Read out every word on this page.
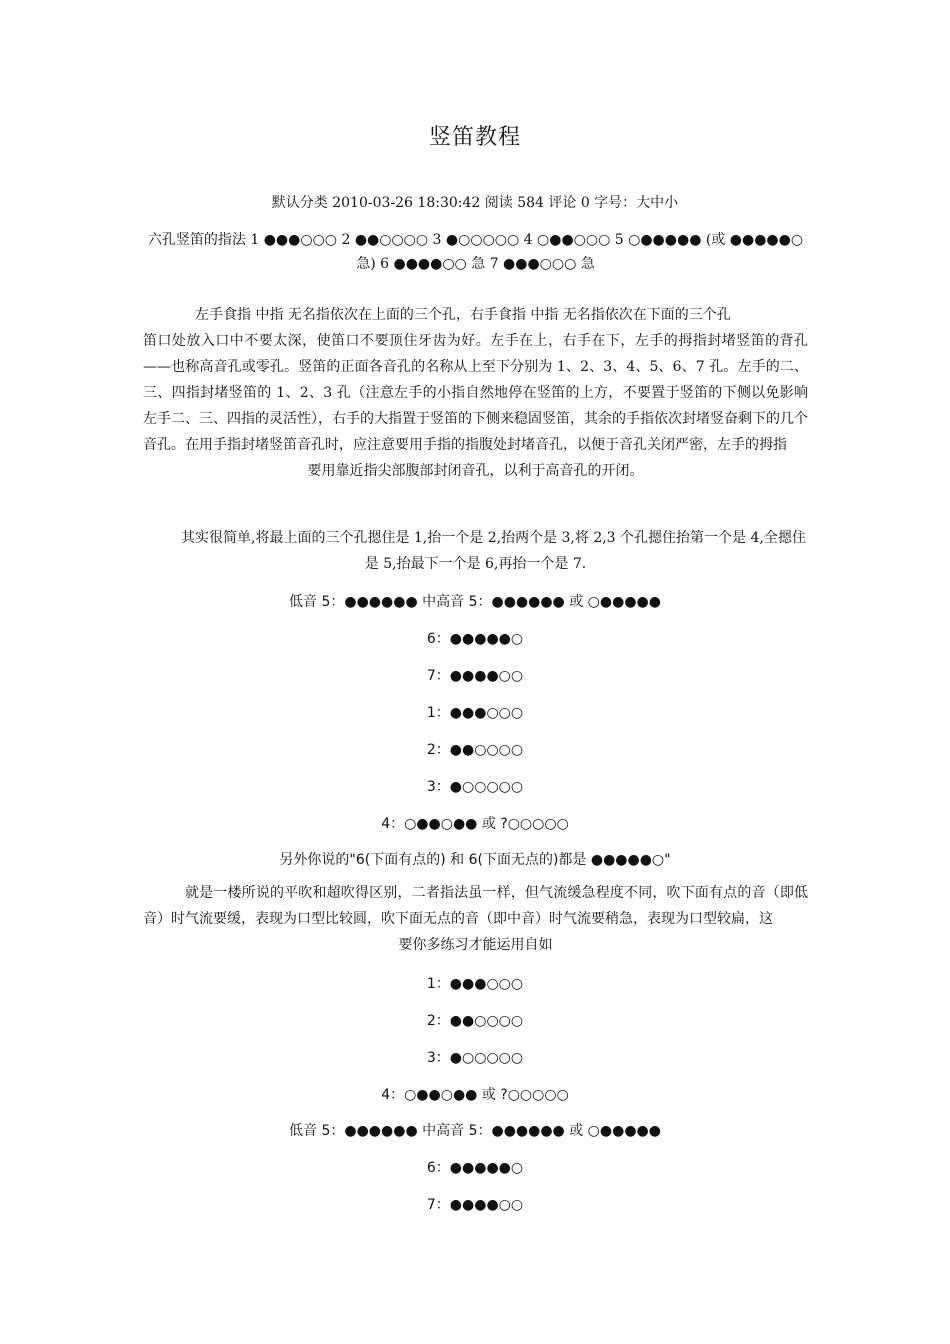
竖笛教程
默认分类 2010-03-26 18:30:42 阅读 584 评论 0 字号：大中小
六孔竖笛的指法 1 ●●●○○○ 2 ●●○○○○ 3 ●○○○○○ 4 ○●●○○○ 5 ○●●●●● (或 ●●●●●○ 急) 6 ●●●●○○ 急 7 ●●●○○○ 急
左手食指 中指 无名指依次在上面的三个孔，右手食指 中指 无名指依次在下面的三个孔
笛口处放入口中不要太深，使笛口不要顶住牙齿为好。左手在上，右手在下，左手的拇指封堵竖笛的背孔——也称高音孔或零孔。竖笛的正面各音孔的名称从上至下分别为 1、2、3、4、5、6、7 孔。左手的二、三、四指封堵竖笛的 1、2、3 孔（注意左手的小指自然地停在竖笛的上方，不要置于竖笛的下侧以免影响左手二、三、四指的灵活性），右手的大指置于竖笛的下侧来稳固竖笛，其余的手指依次封堵竖奋剩下的几个音孔。在用手指封堵竖笛音孔时，应注意要用手指的指腹处封堵音孔，以便于音孔关闭严密，左手的拇指
要用靠近指尖部腹部封闭音孔，以利于高音孔的开闭。
其实很简单,将最上面的三个孔摁住是 1,抬一个是 2,抬两个是 3,将 2,3 个孔摁住抬第一个是 4,全摁住
是 5,抬最下一个是 6,再抬一个是 7.
低音 5：●●●●●● 中高音 5：●●●●●● 或 ○●●●●●
6：●●●●●○
7：●●●●○○
1：●●●○○○
2：●●○○○○
3：●○○○○○
4：○●●○●● 或 ?○○○○○
另外你说的"6(下面有点的) 和 6(下面无点的)都是 ●●●●●○"
就是一楼所说的平吹和超吹得区别，二者指法虽一样，但气流缓急程度不同，吹下面有点的音（即低音）时气流要缓，表现为口型比较圆，吹下面无点的音（即中音）时气流要稍急，表现为口型较扁，这
要你多练习才能运用自如
1：●●●○○○
2：●●○○○○
3：●○○○○○
4：○●●○●● 或 ?○○○○○
低音 5：●●●●●● 中高音 5：●●●●●● 或 ○●●●●●
6：●●●●●○
7：●●●●○○
